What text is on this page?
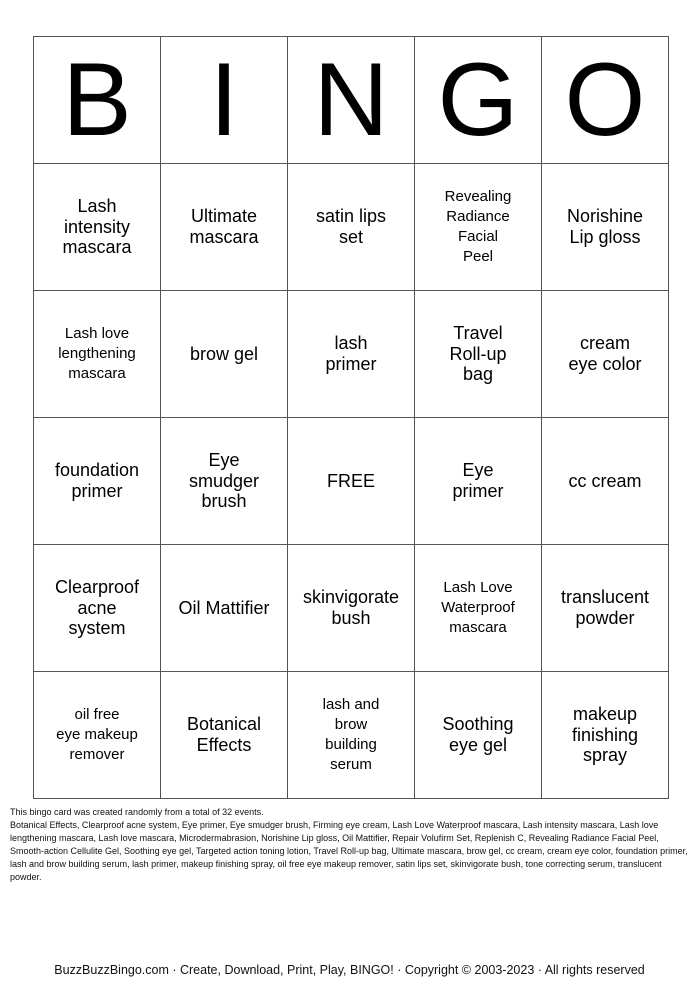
B	I	N	G	O

Lash
intensity
mascara	Ultimate
mascara	satin lips
set	Revealing
Radiance
Facial
Peel	Norishine
Lip gloss

Lash love
lengthening
mascara	brow gel	lash
primer	Travel
Roll-up
bag	cream
eye color

foundation
primer	Eye
smudger
brush	FREE	Eye
primer	cc cream

Clearproof
acne
system	Oil Mattifier	skinvigorate
bush	Lash Love
Waterproof
mascara	translucent
powder

oil free
eye makeup
remover	Botanical
Effects	lash and
brow
building
serum	Soothing
eye gel	makeup
finishing
spray

This bingo card was created randomly from a total of 32 events.

Botanical Effects, Clearproof acne system, Eye primer, Eye smudger brush, Firming eye cream, Lash Love Waterproof mascara, Lash intensity mascara, Lash love lengthening mascara, Lash love mascara, Microdermabrasion, Norishine Lip gloss, Oil Mattifier, Repair Volufirm Set, Replenish C, Revealing Radiance Facial Peel, Smooth-action Cellulite Gel, Soothing eye gel, Targeted action toning lotion, Travel Roll-up bag, Ultimate mascara, brow gel, cc cream, cream eye color, foundation primer, lash and brow building serum, lash primer, makeup finishing spray, oil free eye makeup remover, satin lips set, skinvigorate bush, tone correcting serum, translucent powder.

BuzzBuzzBingo.com · Create, Download, Print, Play, BINGO! · Copyright © 2003-2023 · All rights reserved
